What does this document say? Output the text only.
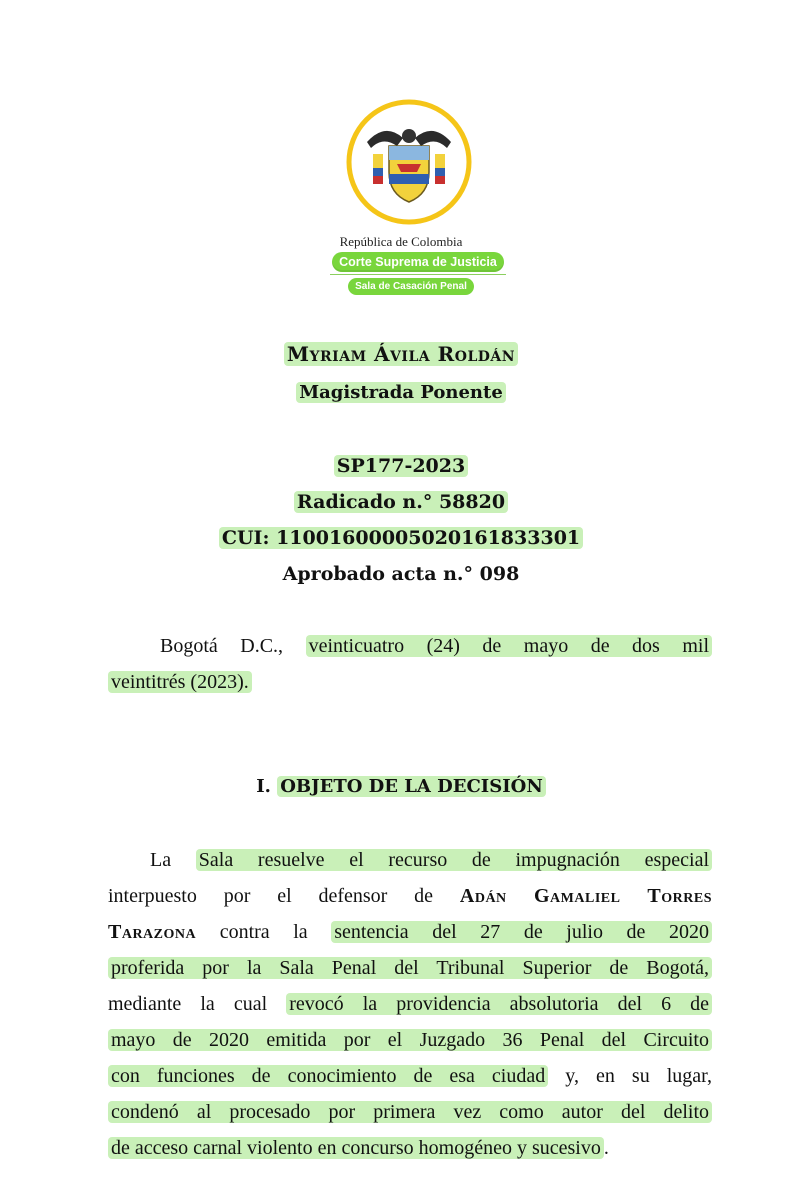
República de Colombia
Corte Suprema de Justicia
Sala de Casación Penal
Myriam Ávila Roldán
Magistrada Ponente
SP177-2023
Radicado n.° 58820
CUI: 11001600005020161833301
Aprobado acta n.° 098
Bogotá D.C., veinticuatro (24) de mayo de dos mil
veintitrés (2023).
I. OBJETO DE LA DECISIÓN
La Sala resuelve el recurso de impugnación especial
interpuesto por el defensor de Adán Gamaliel Torres
Tarazona contra la sentencia del 27 de julio de 2020
proferida por la Sala Penal del Tribunal Superior de Bogotá,
mediante la cual revocó la providencia absolutoria del 6 de
mayo de 2020 emitida por el Juzgado 36 Penal del Circuito
con funciones de conocimiento de esa ciudad y, en su lugar,
condenó al procesado por primera vez como autor del delito
de acceso carnal violento en concurso homogéneo y sucesivo .
